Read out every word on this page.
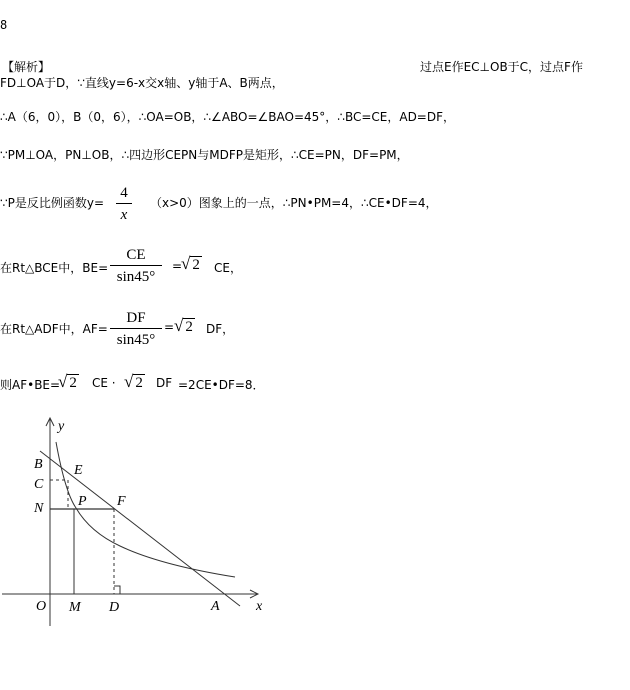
8
【解析】	过点E作EC⊥OB于C，过点F作
FD⊥OA于D，∵直线y=6-x交x轴、y轴于A、B两点，
∴A（6，0），B（0，6），∴OA=OB，∴∠ABO=∠BAO=45°，∴BC=CE，AD=DF，
∵PM⊥OA，PN⊥OB，∴四边形CEPN与MDFP是矩形，∴CE=PN，DF=PM，
∵P是反比例函数y=
4
x
（x>0）图象上的一点，∴PN•PM=4，∴CE•DF=4，
在Rt△BCE中，BE=
CE
sin45°
=
√ 2 CE，
在Rt△ADF中，AF=
DF
sin45°
= √ 2 DF，
则AF•BE=
√ 2 CE · √ 2 DF =2CE•DF=8．
y
x
O M D	A
B
C
N
E
P F
